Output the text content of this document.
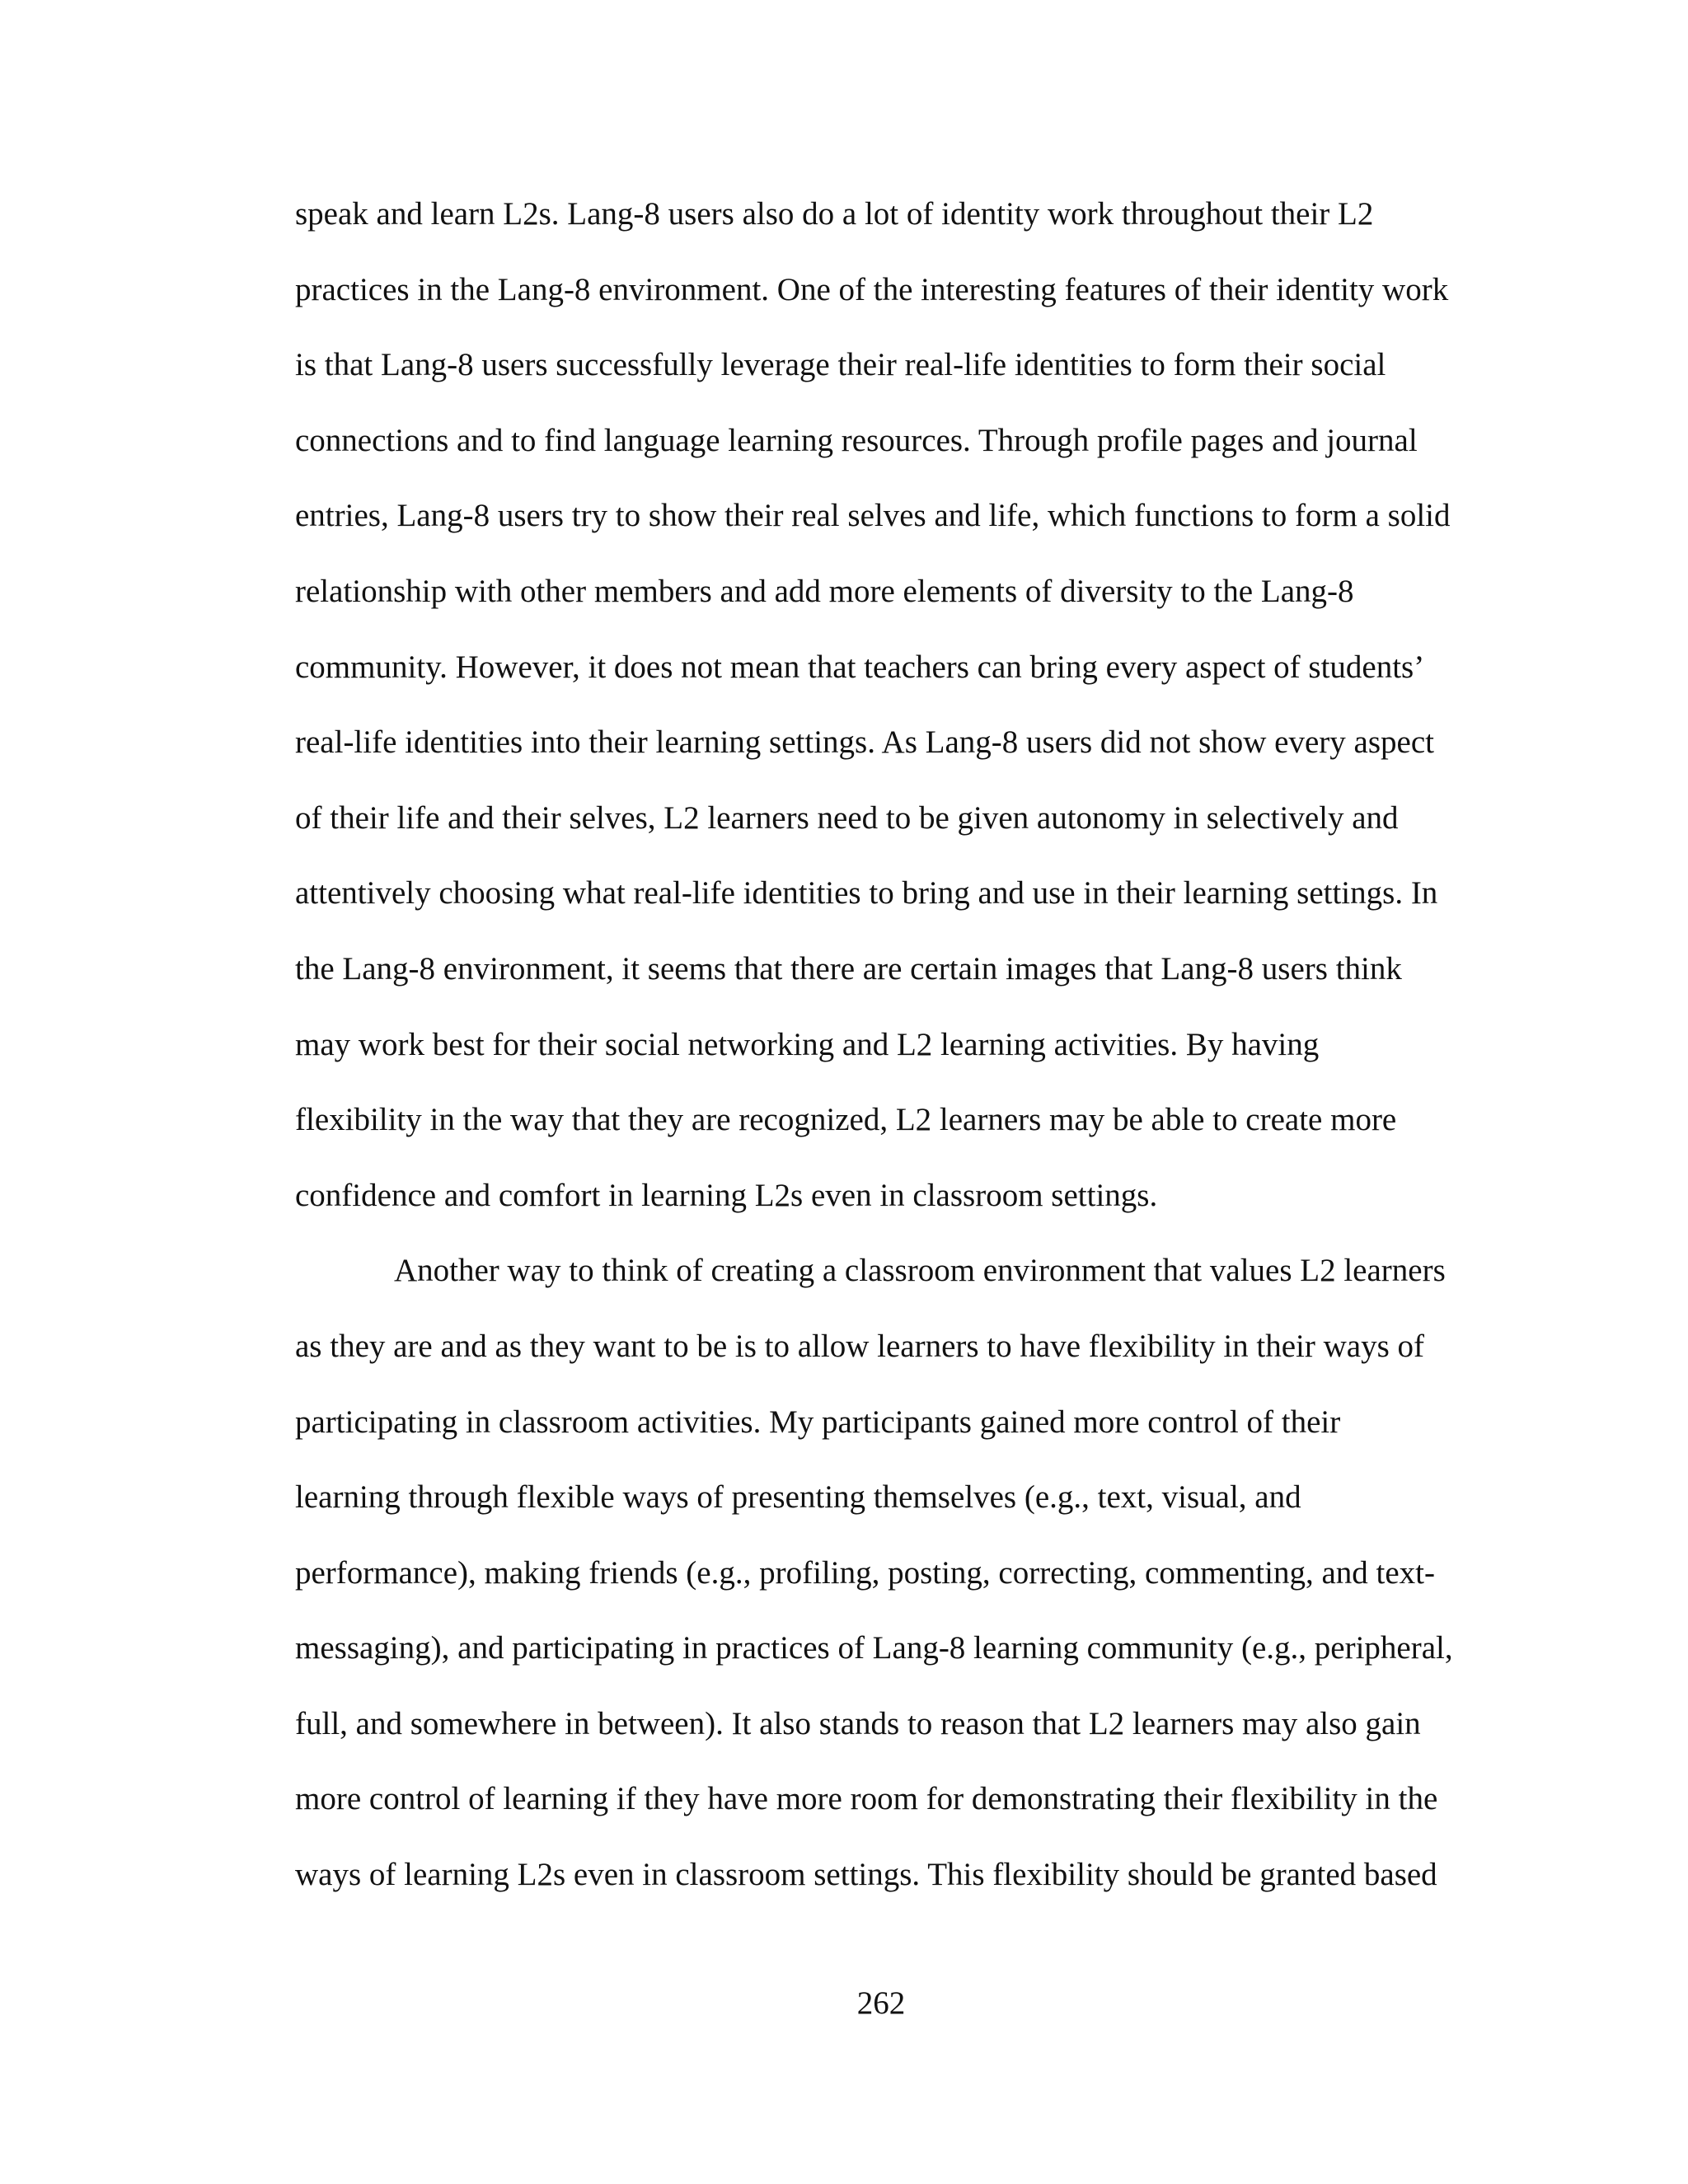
speak and learn L2s. Lang-8 users also do a lot of identity work throughout their L2
practices in the Lang-8 environment. One of the interesting features of their identity work
is that Lang-8 users successfully leverage their real-life identities to form their social
connections and to find language learning resources. Through profile pages and journal
entries, Lang-8 users try to show their real selves and life, which functions to form a solid
relationship with other members and add more elements of diversity to the Lang-8
community. However, it does not mean that teachers can bring every aspect of students’
real-life identities into their learning settings. As Lang-8 users did not show every aspect
of their life and their selves, L2 learners need to be given autonomy in selectively and
attentively choosing what real-life identities to bring and use in their learning settings. In
the Lang-8 environment, it seems that there are certain images that Lang-8 users think
may work best for their social networking and L2 learning activities. By having
flexibility in the way that they are recognized, L2 learners may be able to create more
confidence and comfort in learning L2s even in classroom settings.
Another way to think of creating a classroom environment that values L2 learners
as they are and as they want to be is to allow learners to have flexibility in their ways of
participating in classroom activities. My participants gained more control of their
learning through flexible ways of presenting themselves (e.g., text, visual, and
performance), making friends (e.g., profiling, posting, correcting, commenting, and text-
messaging), and participating in practices of Lang-8 learning community (e.g., peripheral,
full, and somewhere in between). It also stands to reason that L2 learners may also gain
more control of learning if they have more room for demonstrating their flexibility in the
ways of learning L2s even in classroom settings. This flexibility should be granted based
262
